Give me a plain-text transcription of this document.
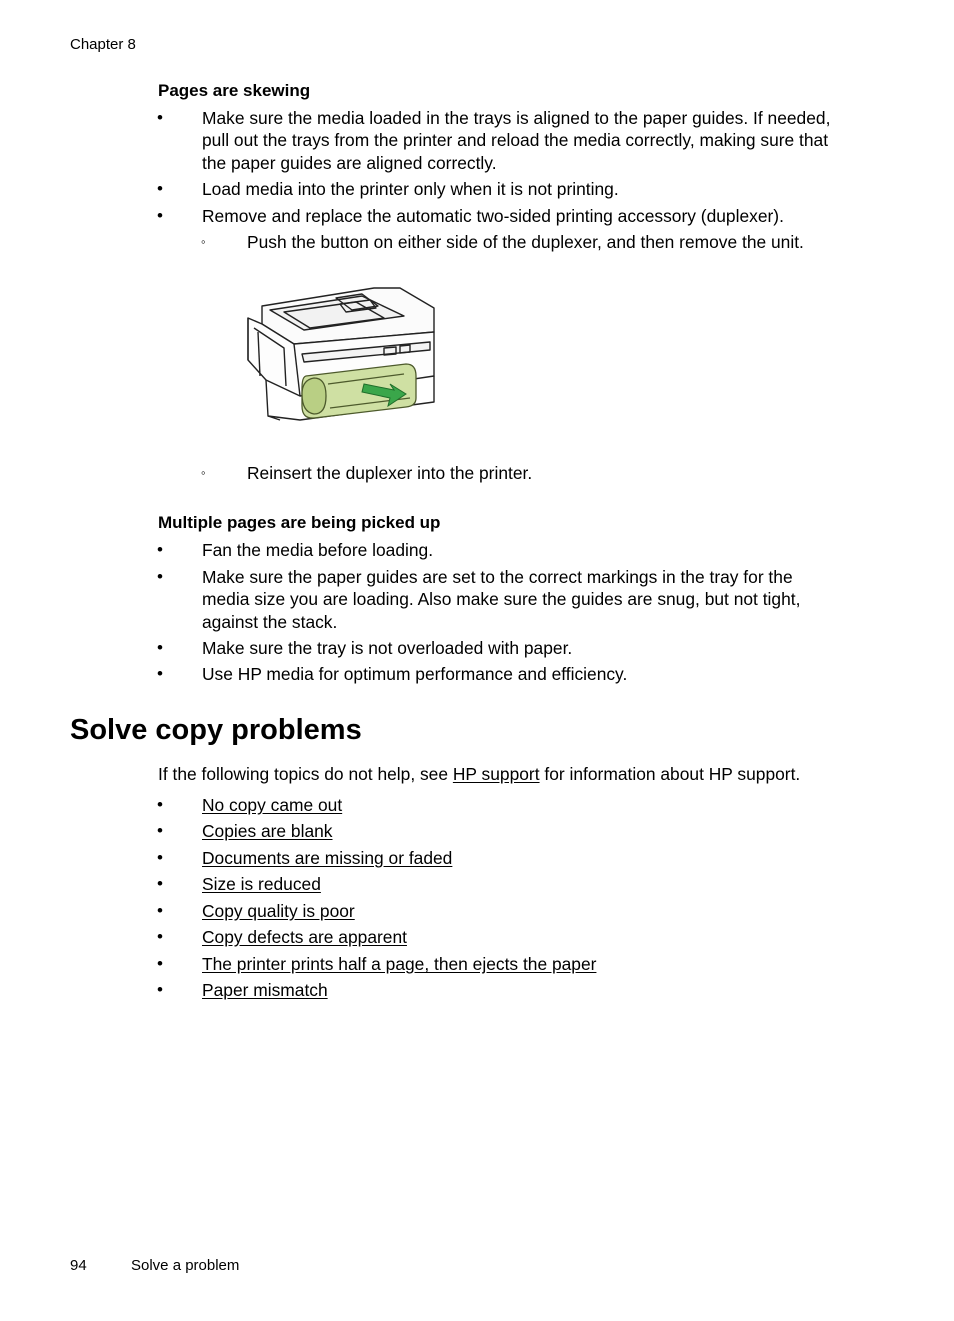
Chapter 8
Pages are skewing
• Make sure the media loaded in the trays is aligned to the paper guides. If needed,
pull out the trays from the printer and reload the media correctly, making sure that
the paper guides are aligned correctly.
• Load media into the printer only when it is not printing.
• Remove and replace the automatic two-sided printing accessory (duplexer).
◦ Push the button on either side of the duplexer, and then remove the unit.
◦ Reinsert the duplexer into the printer.
Multiple pages are being picked up
• Fan the media before loading.
• Make sure the paper guides are set to the correct markings in the tray for the
media size you are loading. Also make sure the guides are snug, but not tight,
against the stack.
• Make sure the tray is not overloaded with paper.
• Use HP media for optimum performance and efficiency.
Solve copy problems
If the following topics do not help, see HP support for information about HP support.
• No copy came out
• Copies are blank
• Documents are missing or faded
• Size is reduced
• Copy quality is poor
• Copy defects are apparent
• The printer prints half a page, then ejects the paper
• Paper mismatch
94	Solve a problem
